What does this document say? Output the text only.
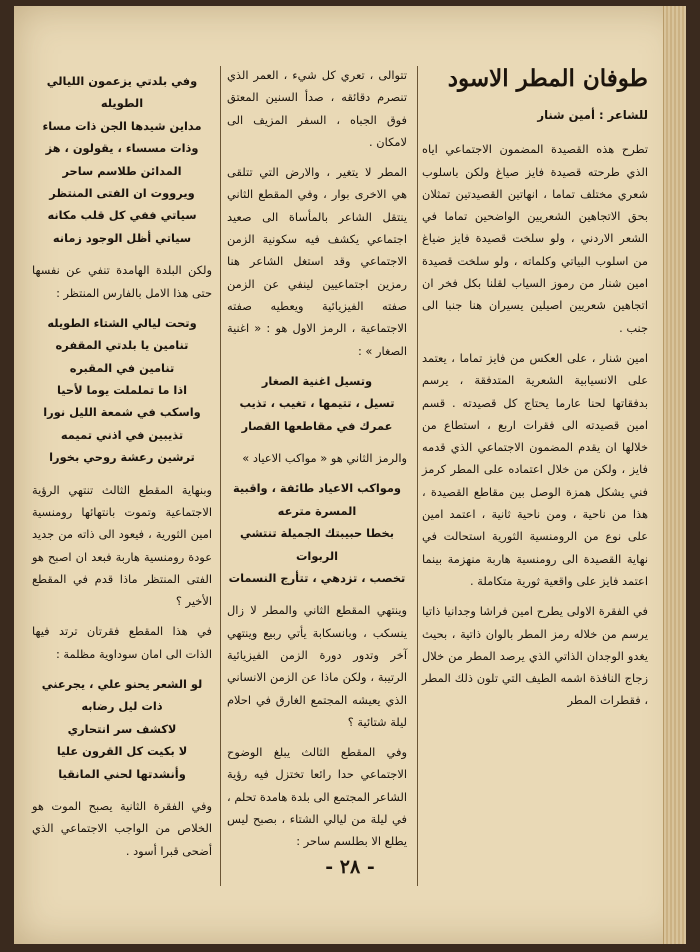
طوفان المطر الاسود
للشاعر : أمين شنار

تطرح هذه القصيدة المضمون الاجتماعي اياه الذي طرحته قصيدة فايز صياغ ولكن باسلوب شعري مختلف تماما ، انهاتين القصيدتين تمثلان بحق الاتجاهين الشعريين الواضحين تماما في الشعر الاردني ، ولو سلخت قصيدة فايز ضياغ من اسلوب البياتي وكلماته ، ولو سلخت قصيدة امين شنار من رموز السياب لقلنا بكل فخر ان اتجاهين شعريين اصيلين يسيران هنا جنبا الى جنب .

امين شنار ، على العكس من فايز تماما ، يعتمد على الانسيابية الشعرية المتدفقة ، يرسم بدفقاتها لحنا عارما يحتاج كل قصيدته . قسم امين قصيدته الى فقرات اربع ، استطاع من خلالها ان يقدم المضمون الاجتماعي الذي قدمه فايز ، ولكن من خلال اعتماده على المطر كرمز فني يشكل همزة الوصل بين مقاطع القصيدة ، هذا من ناحية ، ومن ناحية ثانية ، اعتمد امين على نوع من الرومنسية الثورية استحالت في نهاية القصيدة الى رومنسية هاربة منهزمة بينما اعتمد فايز على واقعية ثورية متكاملة .

في الفقرة الاولى يطرح امين فراشا وجدانيا ذاتيا يرسم من خلاله رمز المطر بالوان ذاتية ، بحيث يغدو الوجدان الذاتي الذي يرصد المطر من خلال زجاج النافذة اشمه الطيف التي تلون ذلك المطر ، فقطرات المطر

تتوالى ، تعري كل شيء ، العمر الذي تنصرم دقائقه ، صدأ السنين المعتق فوق الجباه ، السفر المزيف الى لامكان .

المطر لا يتغير ، والارض التي تتلقى هي الاخرى بوار ، وفي المقطع الثاني ينتقل الشاعر بالمأساة الى صعيد اجتماعي يكشف فيه سكونية الزمن الاجتماعي وقد استغل الشاعر هنا رمزين اجتماعيين لينفي عن الزمن صفته الفيزيائية ويعطيه صفته الاجتماعية ، الرمز الاول هو : « اغنية الصغار » :

وتسيل اغنية الصغار
تسيل ، تتيمها ، تغيب ، تذيب
عمرك في مقاطعها القصار

والرمز الثاني هو « مواكب الاعياد »

ومواكب الاعياد طائفة ، واقبية
المسرة مترعه
بخطا حبيبتك الجميلة تنتشي
الربوات
تخصب ، تزدهي ، تتأرج النسمات

وينتهي المقطع الثاني والمطر لا زال ينسكب ، وبانسكابة يأتي ربيع وينتهي آخر وتدور دورة الزمن الفيزيائية الرتيبة ، ولكن ماذا عن الزمن الانساني الذي يعيشه المجتمع الغارق في احلام ليلة شتائية ؟

وفي المقطع الثالث يبلغ الوضوح الاجتماعي حدا رائعا تختزل فيه رؤية الشاعر المجتمع الى بلدة هامدة تحلم ، في ليلة من ليالي الشتاء ، بصبح ليس يطلع الا بطلسم ساحر :

وفي بلدتي يزعمون الليالي الطويله
مداين شيدها الجن ذات مساء
وذات مسساء ، يقولون ، هز
المدائن طلاسم ساحر
ويرووت ان الفتى المنتظر
سياتي ففي كل قلب مكانه
سياتي أظل الوجود زمانه

ولكن البلدة الهامدة تنفي عن نفسها حتى هذا الامل بالفارس المنتظر :

وتحت ليالي الشتاء الطويله
تنامين يا بلدتي المقفره
تنامين في المقبره
اذا ما تململت يوما لأحيا
واسكب في شمعة الليل نورا
تذيبين في اذني تميمه
ترشين رعشة روحي بخورا

وبنهاية المقطع الثالث تنتهي الرؤية الاجتماعية وتموت بانتهائها رومنسية امين الثورية ، فيعود الى ذاته من جديد عودة رومنسية هاربة فبعد ان اصبح هو الفتى المنتظر ماذا قدم في المقطع الأخير ؟

في هذا المقطع فقرتان ترتد فيها الذات الى امان سوداوية مظلمة :

لو الشعر يحنو علي ، يجرعني
ذات ليل رضابه
لاكشف سر انتحاري
لا بكيت كل القرون عليا
وأنشدتها لحني المانقيا

وفي الفقرة الثانية يصبح الموت هو الخلاص من الواجب الاجتماعي الذي أضحى قبرا أسود .

- ٢٨ -
